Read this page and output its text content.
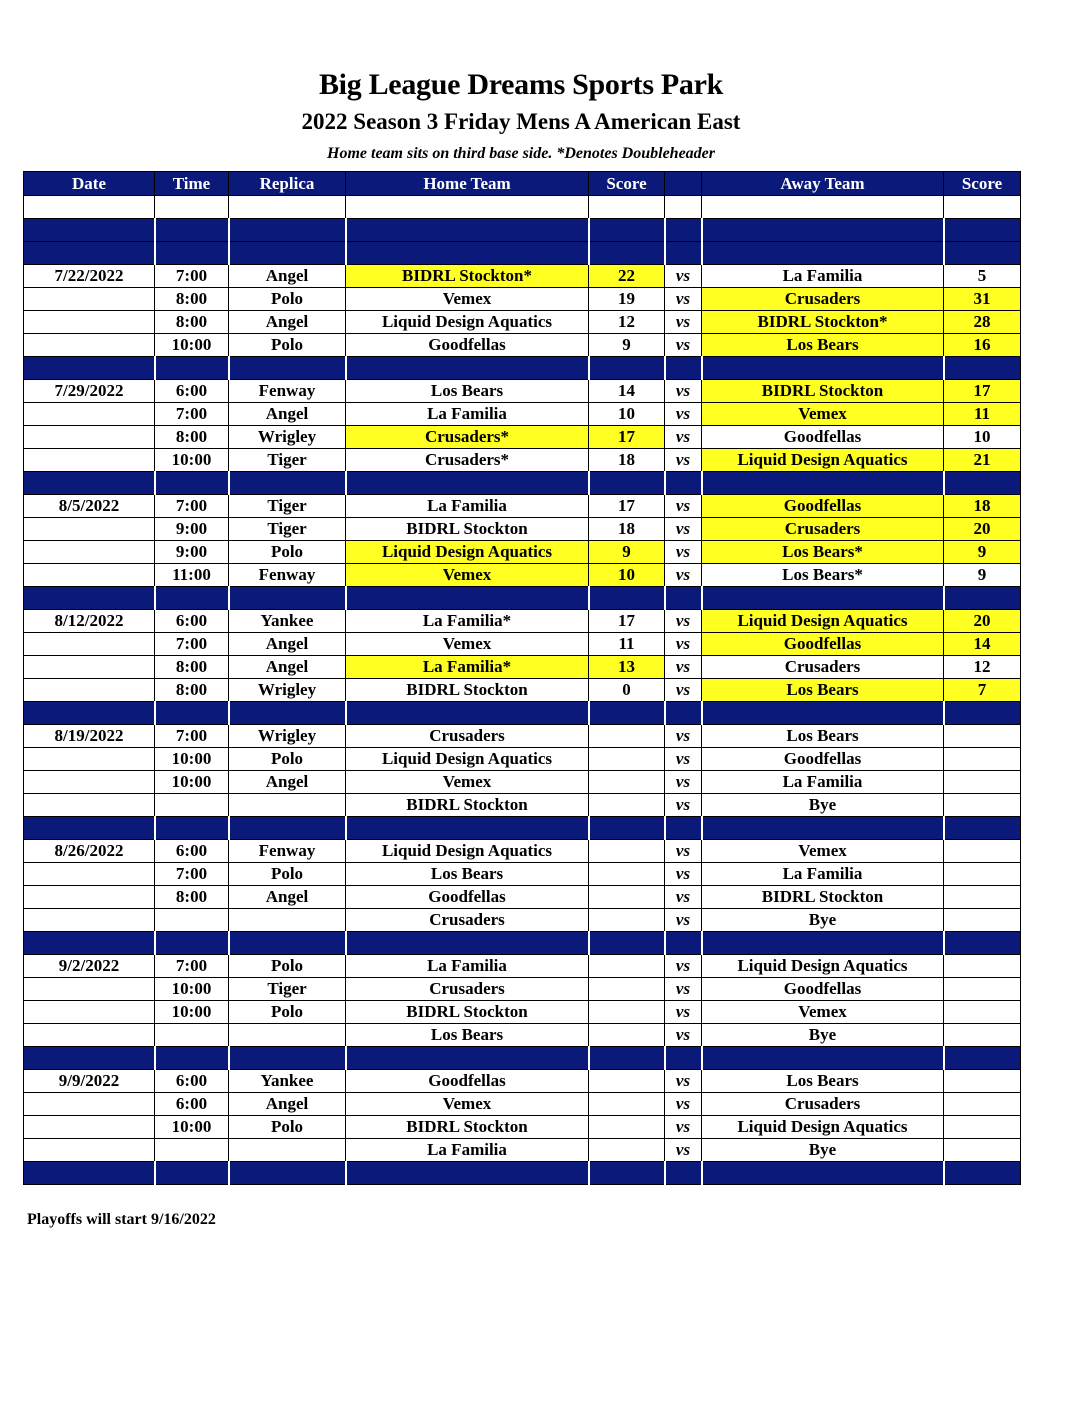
Big League Dreams Sports Park
2022 Season 3 Friday Mens A American East
Home team sits on third base side. *Denotes Doubleheader
Date	Time	Replica	Home Team	Score		Away Team	Score

7/22/2022	7:00	Angel	BIDRL Stockton*	22	vs	La Familia	5
	8:00	Polo	Vemex	19	vs	Crusaders	31
	8:00	Angel	Liquid Design Aquatics	12	vs	BIDRL Stockton*	28
	10:00	Polo	Goodfellas	9	vs	Los Bears	16

7/29/2022	6:00	Fenway	Los Bears	14	vs	BIDRL Stockton	17
	7:00	Angel	La Familia	10	vs	Vemex	11
	8:00	Wrigley	Crusaders*	17	vs	Goodfellas	10
	10:00	Tiger	Crusaders*	18	vs	Liquid Design Aquatics	21

8/5/2022	7:00	Tiger	La Familia	17	vs	Goodfellas	18
	9:00	Tiger	BIDRL Stockton	18	vs	Crusaders	20
	9:00	Polo	Liquid Design Aquatics	9	vs	Los Bears*	9
	11:00	Fenway	Vemex	10	vs	Los Bears*	9

8/12/2022	6:00	Yankee	La Familia*	17	vs	Liquid Design Aquatics	20
	7:00	Angel	Vemex	11	vs	Goodfellas	14
	8:00	Angel	La Familia*	13	vs	Crusaders	12
	8:00	Wrigley	BIDRL Stockton	0	vs	Los Bears	7

8/19/2022	7:00	Wrigley	Crusaders		vs	Los Bears	
	10:00	Polo	Liquid Design Aquatics		vs	Goodfellas	
	10:00	Angel	Vemex		vs	La Familia	
			BIDRL Stockton		vs	Bye	

8/26/2022	6:00	Fenway	Liquid Design Aquatics		vs	Vemex	
	7:00	Polo	Los Bears		vs	La Familia	
	8:00	Angel	Goodfellas		vs	BIDRL Stockton	
			Crusaders		vs	Bye	

9/2/2022	7:00	Polo	La Familia		vs	Liquid Design Aquatics	
	10:00	Tiger	Crusaders		vs	Goodfellas	
	10:00	Polo	BIDRL Stockton		vs	Vemex	
			Los Bears		vs	Bye	

9/9/2022	6:00	Yankee	Goodfellas		vs	Los Bears	
	6:00	Angel	Vemex		vs	Crusaders	
	10:00	Polo	BIDRL Stockton		vs	Liquid Design Aquatics	
			La Familia		vs	Bye	

Playoffs will start 9/16/2022
